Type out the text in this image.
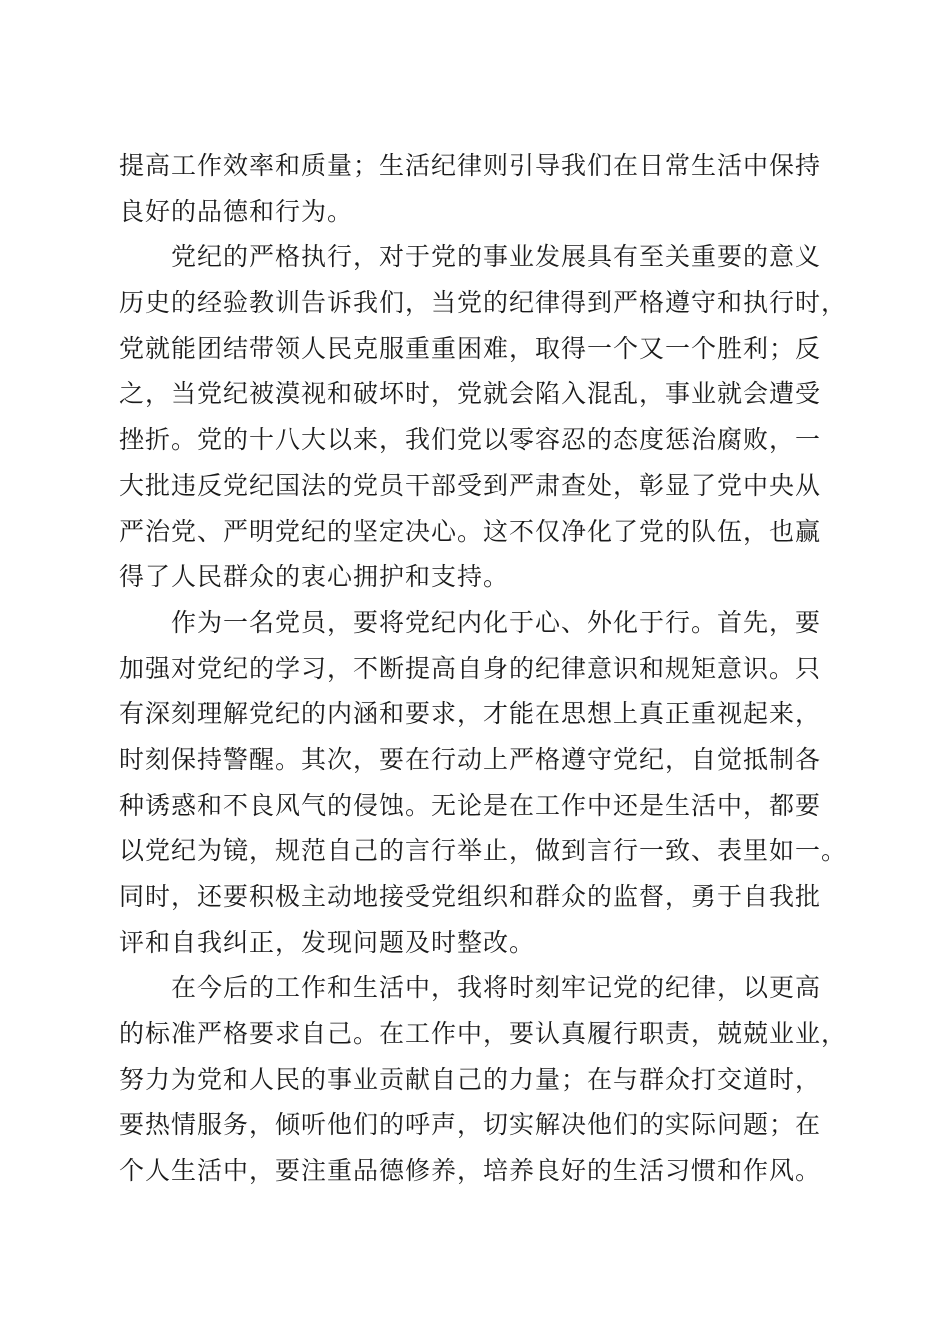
提高工作效率和质量；生活纪律则引导我们在日常生活中保持
良好的品德和行为。
党纪的严格执行，对于党的事业发展具有至关重要的意义
历史的经验教训告诉我们，当党的纪律得到严格遵守和执行时，
党就能团结带领人民克服重重困难，取得一个又一个胜利；反
之，当党纪被漠视和破坏时，党就会陷入混乱，事业就会遭受
挫折。党的十八大以来，我们党以零容忍的态度惩治腐败，一
大批违反党纪国法的党员干部受到严肃查处，彰显了党中央从
严治党、严明党纪的坚定决心。这不仅净化了党的队伍，也赢
得了人民群众的衷心拥护和支持。
作为一名党员，要将党纪内化于心、外化于行。首先，要
加强对党纪的学习，不断提高自身的纪律意识和规矩意识。只
有深刻理解党纪的内涵和要求，才能在思想上真正重视起来，
时刻保持警醒。其次，要在行动上严格遵守党纪，自觉抵制各
种诱惑和不良风气的侵蚀。无论是在工作中还是生活中，都要
以党纪为镜，规范自己的言行举止，做到言行一致、表里如一。
同时，还要积极主动地接受党组织和群众的监督，勇于自我批
评和自我纠正，发现问题及时整改。
在今后的工作和生活中，我将时刻牢记党的纪律，以更高
的标准严格要求自己。在工作中，要认真履行职责，兢兢业业，
努力为党和人民的事业贡献自己的力量；在与群众打交道时，
要热情服务，倾听他们的呼声，切实解决他们的实际问题；在
个人生活中，要注重品德修养，培养良好的生活习惯和作风。
